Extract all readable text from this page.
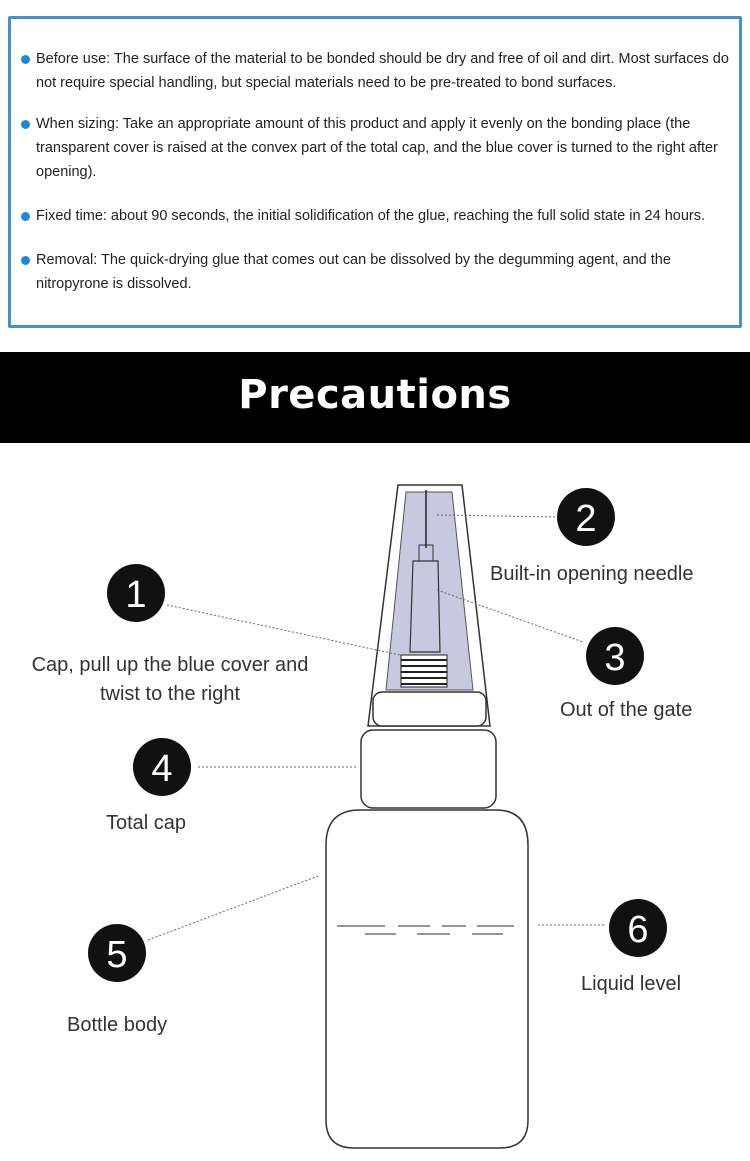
Before use: The surface of the material to be bonded should be dry and free of oil and dirt. Most surfaces do not require special handling, but special materials need to be pre-treated to bond surfaces.
When sizing: Take an appropriate amount of this product and apply it evenly on the bonding place (the transparent cover is raised at the convex part of the total cap, and the blue cover is turned to the right after opening).
Fixed time: about 90 seconds, the initial solidification of the glue, reaching the full solid state in 24 hours.
Removal: The quick-drying glue that comes out can be dissolved by the degumming agent, and the nitropyrone is dissolved.
Precautions
1
2
3
4
5
6
Cap, pull up the blue cover and
twist to the right
Built-in opening needle
Out of the gate
Total cap
Bottle body
Liquid level
